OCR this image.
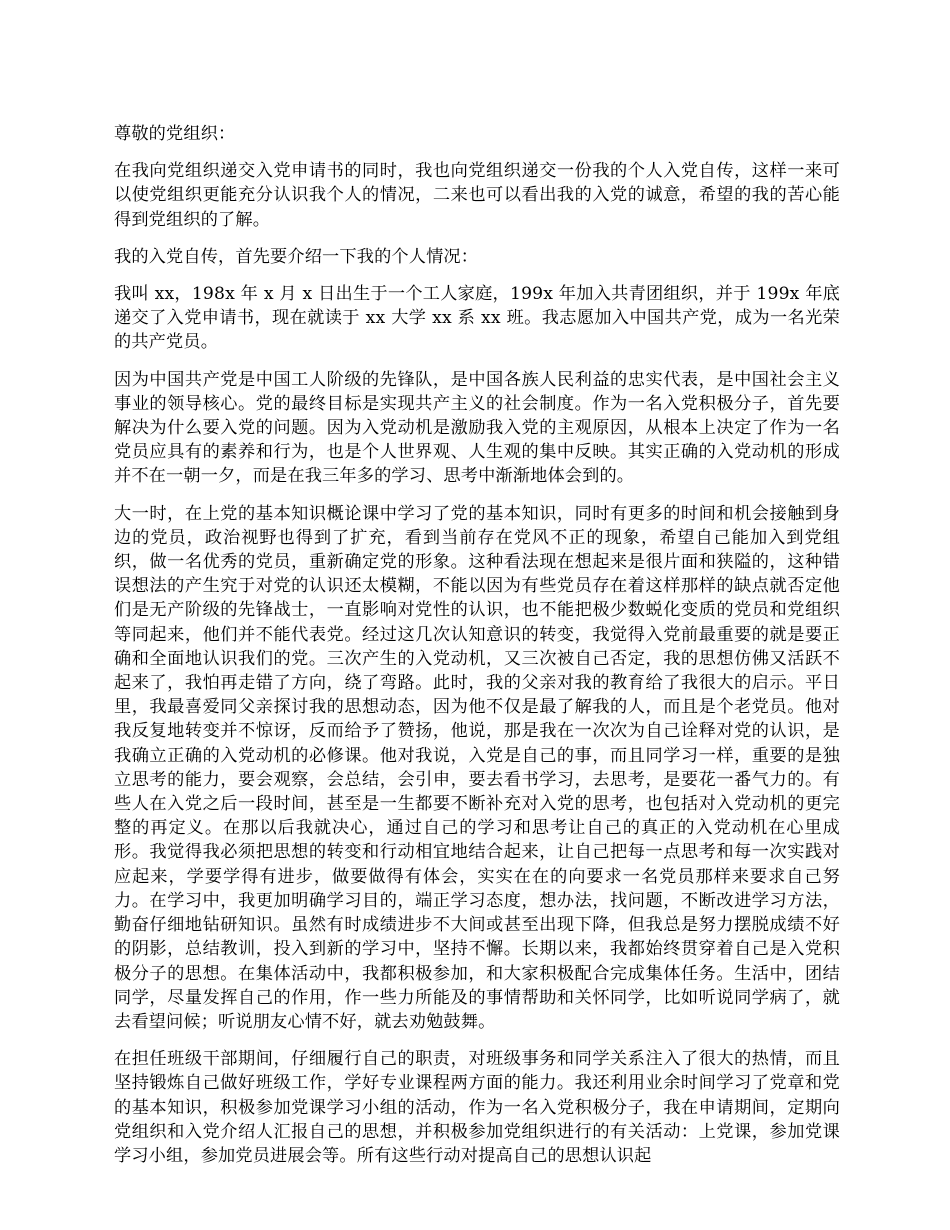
尊敬的党组织：

在我向党组织递交入党申请书的同时，我也向党组织递交一份我的个人入党自传，这样一来可以使党组织更能充分认识我个人的情况，二来也可以看出我的入党的诚意，希望的我的苦心能得到党组织的了解。

我的入党自传，首先要介绍一下我的个人情况：

我叫 xx，198x 年 x 月 x 日出生于一个工人家庭，199x 年加入共青团组织，并于 199x 年底递交了入党申请书，现在就读于 xx 大学 xx 系 xx 班。我志愿加入中国共产党，成为一名光荣的共产党员。

因为中国共产党是中国工人阶级的先锋队，是中国各族人民利益的忠实代表，是中国社会主义事业的领导核心。党的最终目标是实现共产主义的社会制度。作为一名入党积极分子，首先要解决为什么要入党的问题。因为入党动机是激励我入党的主观原因，从根本上决定了作为一名党员应具有的素养和行为，也是个人世界观、人生观的集中反映。其实正确的入党动机的形成并不在一朝一夕，而是在我三年多的学习、思考中渐渐地体会到的。

大一时，在上党的基本知识概论课中学习了党的基本知识，同时有更多的时间和机会接触到身边的党员，政治视野也得到了扩充，看到当前存在党风不正的现象，希望自己能加入到党组织，做一名优秀的党员，重新确定党的形象。这种看法现在想起来是很片面和狭隘的，这种错误想法的产生究于对党的认识还太模糊，不能以因为有些党员存在着这样那样的缺点就否定他们是无产阶级的先锋战士，一直影响对党性的认识，也不能把极少数蜕化变质的党员和党组织等同起来，他们并不能代表党。经过这几次认知意识的转变，我觉得入党前最重要的就是要正确和全面地认识我们的党。三次产生的入党动机，又三次被自己否定，我的思想仿佛又活跃不起来了，我怕再走错了方向，绕了弯路。此时，我的父亲对我的教育给了我很大的启示。平日里，我最喜爱同父亲探讨我的思想动态，因为他不仅是最了解我的人，而且是个老党员。他对我反复地转变并不惊讶，反而给予了赞扬，他说，那是我在一次次为自己诠释对党的认识，是我确立正确的入党动机的必修课。他对我说，入党是自己的事，而且同学习一样，重要的是独立思考的能力，要会观察，会总结，会引申，要去看书学习，去思考，是要花一番气力的。有些人在入党之后一段时间，甚至是一生都要不断补充对入党的思考，也包括对入党动机的更完整的再定义。在那以后我就决心，通过自己的学习和思考让自己的真正的入党动机在心里成形。我觉得我必须把思想的转变和行动相宜地结合起来，让自己把每一点思考和每一次实践对应起来，学要学得有进步，做要做得有体会，实实在在的向要求一名党员那样来要求自己努力。在学习中，我更加明确学习目的，端正学习态度，想办法，找问题，不断改进学习方法，勤奋仔细地钻研知识。虽然有时成绩进步不大间或甚至出现下降，但我总是努力摆脱成绩不好的阴影，总结教训，投入到新的学习中，坚持不懈。长期以来，我都始终贯穿着自己是入党积极分子的思想。在集体活动中，我都积极参加，和大家积极配合完成集体任务。生活中，团结同学，尽量发挥自己的作用，作一些力所能及的事情帮助和关怀同学，比如听说同学病了，就去看望问候；听说朋友心情不好，就去劝勉鼓舞。

在担任班级干部期间，仔细履行自己的职责，对班级事务和同学关系注入了很大的热情，而且坚持锻炼自己做好班级工作，学好专业课程两方面的能力。我还利用业余时间学习了党章和党的基本知识，积极参加党课学习小组的活动，作为一名入党积极分子，我在申请期间，定期向党组织和入党介绍人汇报自己的思想，并积极参加党组织进行的有关活动：上党课，参加党课学习小组，参加党员进展会等。所有这些行动对提高自己的思想认识起
